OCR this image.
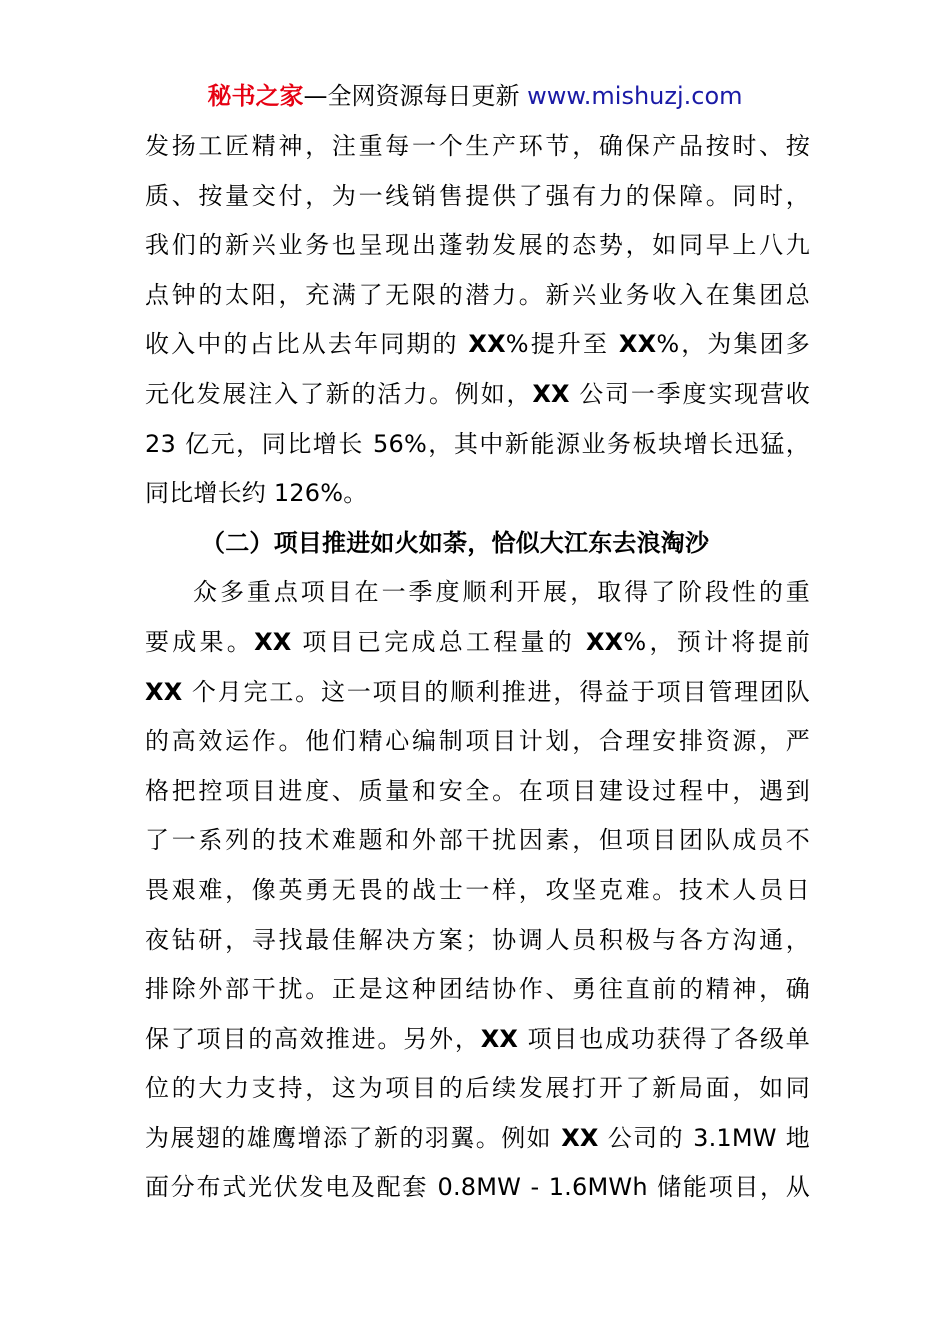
秘书之家—全网资源每日更新 www.mishuzj.com
发扬工匠精神，注重每一个生产环节，确保产品按时、按
质、按量交付，为一线销售提供了强有力的保障。同时，
我们的新兴业务也呈现出蓬勃发展的态势，如同早上八九
点钟的太阳，充满了无限的潜力。新兴业务收入在集团总
收入中的占比从去年同期的 XX%提升至 XX%，为集团多
元化发展注入了新的活力。例如，XX 公司一季度实现营收
23 亿元，同比增长 56%，其中新能源业务板块增长迅猛，
同比增长约 126%。
（二）项目推进如火如荼，恰似大江东去浪淘沙
众多重点项目在一季度顺利开展，取得了阶段性的重
要成果。XX 项目已完成总工程量的 XX%，预计将提前
XX 个月完工。这一项目的顺利推进，得益于项目管理团队
的高效运作。他们精心编制项目计划，合理安排资源，严
格把控项目进度、质量和安全。在项目建设过程中，遇到
了一系列的技术难题和外部干扰因素，但项目团队成员不
畏艰难，像英勇无畏的战士一样，攻坚克难。技术人员日
夜钻研，寻找最佳解决方案；协调人员积极与各方沟通，
排除外部干扰。正是这种团结协作、勇往直前的精神，确
保了项目的高效推进。另外，XX 项目也成功获得了各级单
位的大力支持，这为项目的后续发展打开了新局面，如同
为展翅的雄鹰增添了新的羽翼。例如 XX 公司的 3.1MW 地
面分布式光伏发电及配套 0.8MW - 1.6MWh 储能项目，从
